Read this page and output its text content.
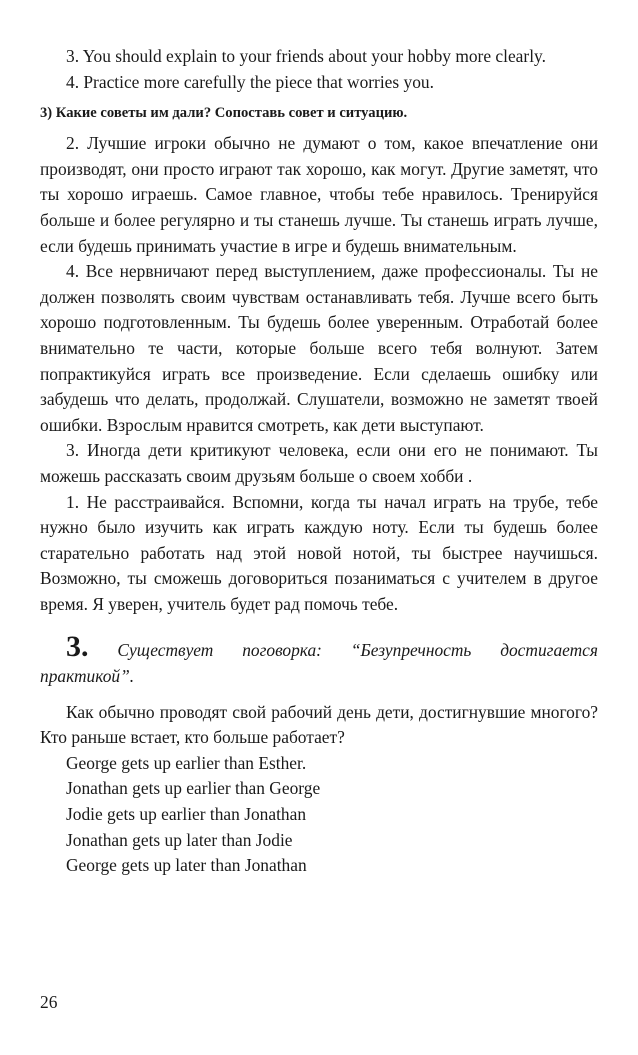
3. You should explain to your friends about your hobby more clearly.

4. Practice more carefully the piece that worries you.

3) Какие советы им дали? Сопоставь совет и ситуацию.

2. Лучшие игроки обычно не думают о том, какое впечатление они производят, они просто играют так хорошо, как могут. Другие заметят, что ты хорошо играешь. Самое главное, чтобы тебе нравилось. Тренируйся больше и более регулярно и ты станешь лучше. Ты станешь играть лучше, если будешь принимать участие в игре и будешь внимательным.

4. Все нервничают перед выступлением, даже профессионалы. Ты не должен позволять своим чувствам останавливать тебя. Лучше всего быть хорошо подготовленным. Ты будешь более уверенным. Отработай более внимательно те части, которые больше всего тебя волнуют. Затем попрактикуйся играть все произведение. Если сделаешь ошибку или забудешь что делать, продолжай. Слушатели, возможно не заметят твоей ошибки. Взрослым нравится смотреть, как дети выступают.

3. Иногда дети критикуют человека, если они его не понимают. Ты можешь рассказать своим друзьям больше о своем хобби .

1. Не расстраивайся. Вспомни, когда ты начал играть на трубе, тебе нужно было изучить как играть каждую ноту. Если ты будешь более старательно работать над этой новой нотой, ты быстрее научишься. Возможно, ты сможешь договориться позаниматься с учителем в другое время. Я уверен, учитель будет рад помочь тебе.

3. Существует поговорка: “Безупречность достигается практикой”.

Как обычно проводят свой рабочий день дети, достигнувшие многого? Кто раньше встает, кто больше работает?

George gets up earlier than Esther.
Jonathan gets up earlier than George
Jodie gets up earlier than Jonathan
Jonathan gets up later than Jodie
George gets up later than Jonathan
26
